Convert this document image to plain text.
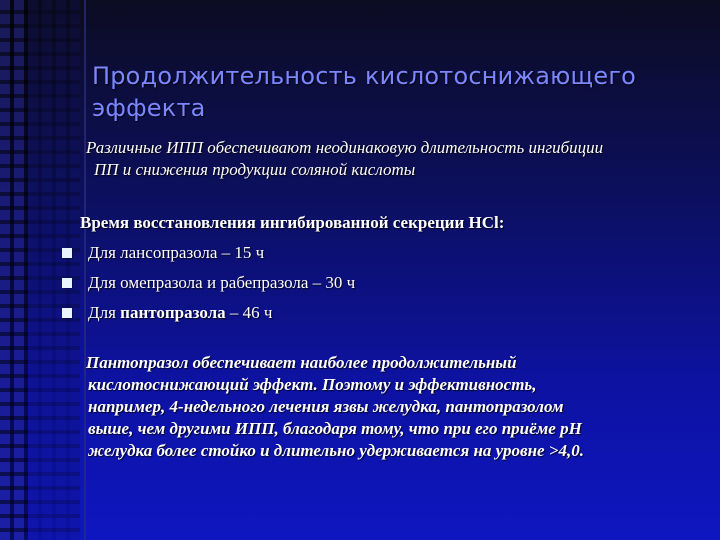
Продолжительность кислотоснижающего
эффекта
Различные ИПП обеспечивают неодинаковую длительность ингибиции
ПП и снижения продукции соляной кислоты
Время восстановления ингибированной секреции HCl:
Для лансопразола – 15 ч
Для омепразола и рабепразола – 30 ч
Для пантопразола – 46 ч
Пантопразол обеспечивает наиболее продолжительный
кислотоснижающий эффект. Поэтому и эффективность,
например, 4-недельного лечения язвы желудка, пантопразолом
выше, чем другими ИПП, благодаря тому, что при его приёме рН
желудка более стойко и длительно удерживается на уровне >4,0.
